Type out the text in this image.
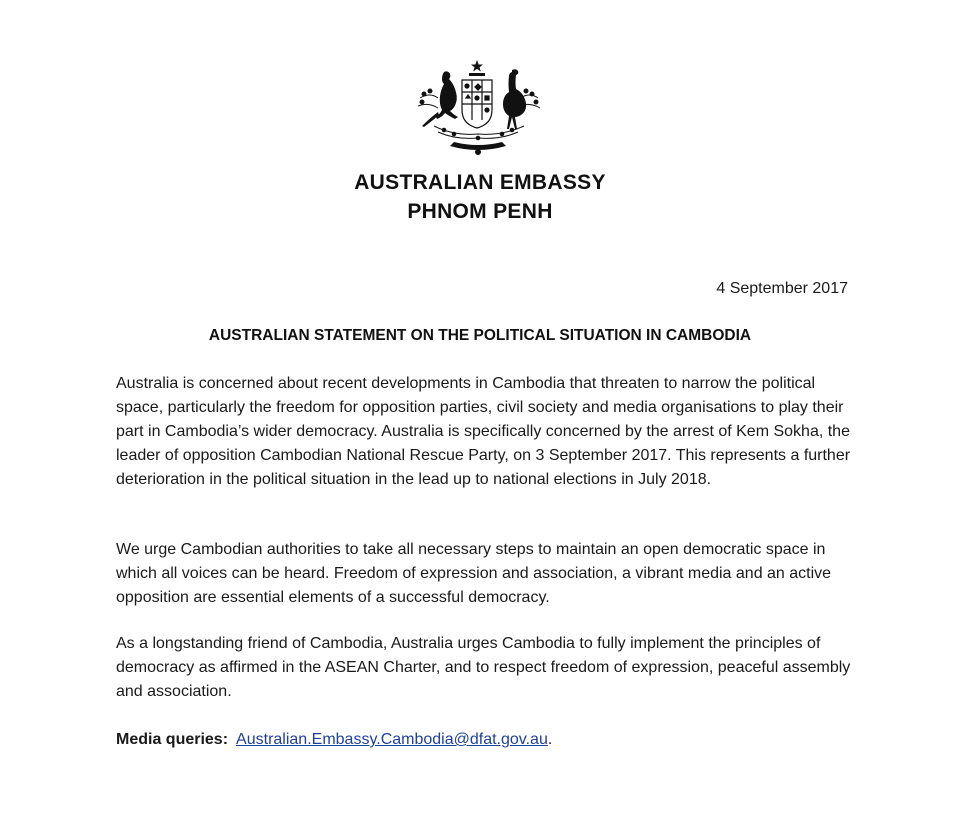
AUSTRALIAN EMBASSY
PHNOM PENH
4 September 2017
AUSTRALIAN STATEMENT ON THE POLITICAL SITUATION IN CAMBODIA

Australia is concerned about recent developments in Cambodia that threaten to narrow the political space, particularly the freedom for opposition parties, civil society and media organisations to play their part in Cambodia’s wider democracy. Australia is specifically concerned by the arrest of Kem Sokha, the leader of opposition Cambodian National Rescue Party, on 3 September 2017. This represents a further deterioration in the political situation in the lead up to national elections in July 2018.

We urge Cambodian authorities to take all necessary steps to maintain an open democratic space in which all voices can be heard. Freedom of expression and association, a vibrant media and an active opposition are essential elements of a successful democracy.

As a longstanding friend of Cambodia, Australia urges Cambodia to fully implement the principles of democracy as affirmed in the ASEAN Charter, and to respect freedom of expression, peaceful assembly and association.

Media queries: Australian.Embassy.Cambodia@dfat.gov.au.
